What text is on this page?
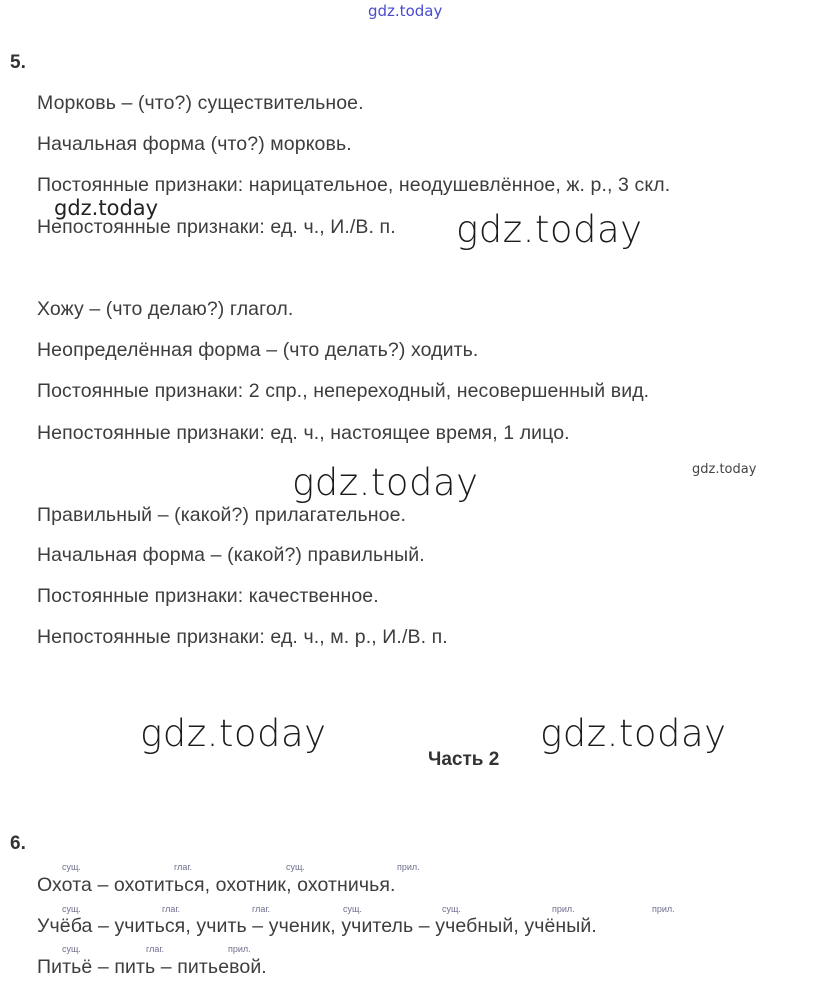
gdz.today
5.
Морковь – (что?) существительное.
Начальная форма (что?) морковь.
Постоянные признаки: нарицательное, неодушевлённое, ж. р., 3 скл.
Непостоянные признаки: ед. ч., И./В. п.
gdz.today	gdz.today
Хожу – (что делаю?) глагол.
Неопределённая форма – (что делать?) ходить.
Постоянные признаки: 2 спр., непереходный, несовершенный вид.
Непостоянные признаки: ед. ч., настоящее время, 1 лицо.
gdz.today	gdz.today
Правильный – (какой?) прилагательное.
Начальная форма – (какой?) правильный.
Постоянные признаки: качественное.
Непостоянные признаки: ед. ч., м. р., И./В. п.
gdz.today	gdz.today
Часть 2
6.
сущ.	глаг.	сущ.	прил.
Охота – охотиться, охотник, охотничья.
сущ.	глаг.	глаг.	сущ.	сущ.	прил.	прил.
Учёба – учиться, учить – ученик, учитель – учебный, учёный.
сущ.	глаг.	прил.
Питьё – пить – питьевой.
